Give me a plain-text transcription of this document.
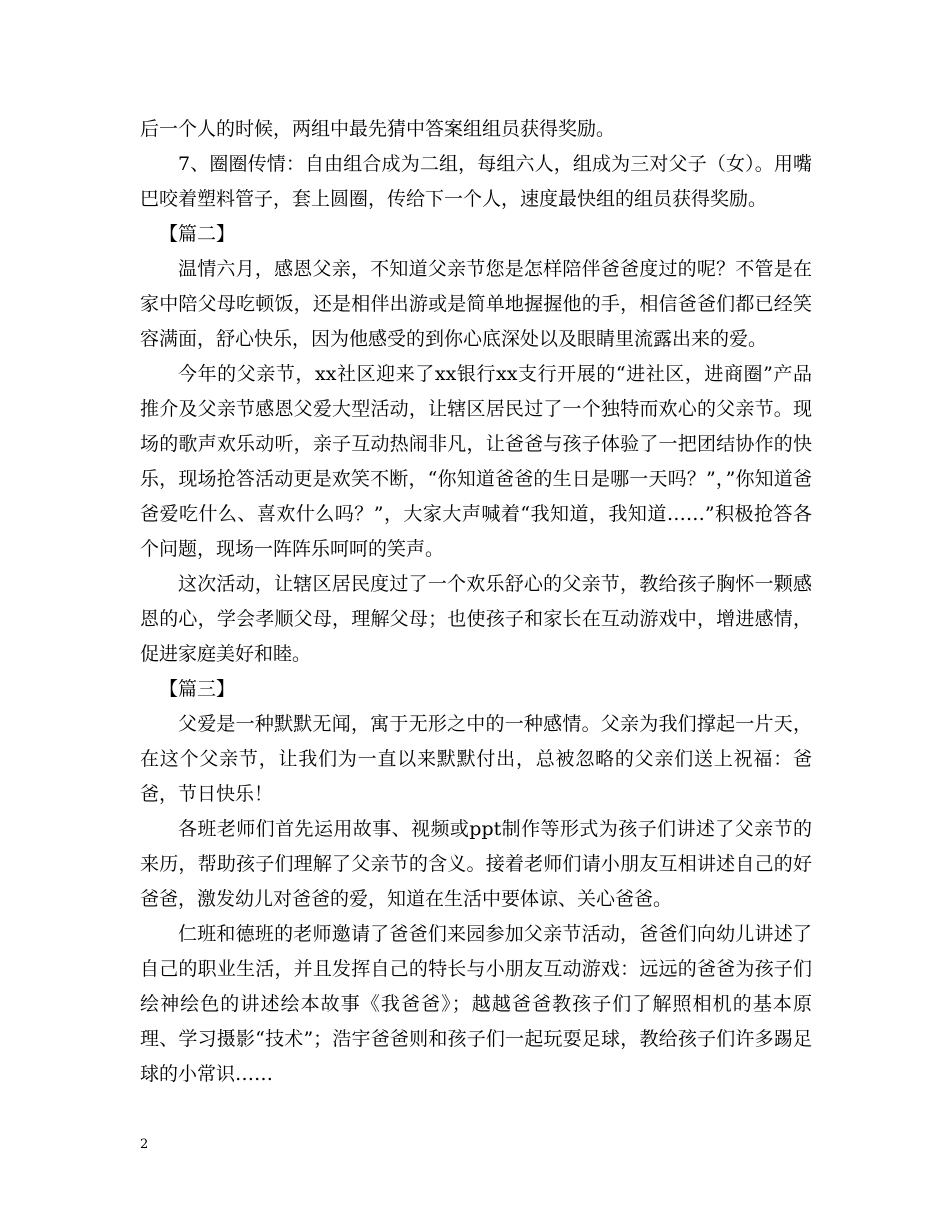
后一个人的时候，两组中最先猜中答案组组员获得奖励。

7、圈圈传情：自由组合成为二组，每组六人，组成为三对父子（女）。用嘴巴咬着塑料管子，套上圆圈，传给下一个人，速度最快组的组员获得奖励。

【篇二】

温情六月，感恩父亲，不知道父亲节您是怎样陪伴爸爸度过的呢？不管是在家中陪父母吃顿饭，还是相伴出游或是简单地握握他的手，相信爸爸们都已经笑容满面，舒心快乐，因为他感受的到你心底深处以及眼睛里流露出来的爱。

今年的父亲节，xx社区迎来了xx银行xx支行开展的“进社区，进商圈”产品推介及父亲节感恩父爱大型活动，让辖区居民过了一个独特而欢心的父亲节。现场的歌声欢乐动听，亲子互动热闹非凡，让爸爸与孩子体验了一把团结协作的快乐，现场抢答活动更是欢笑不断，“你知道爸爸的生日是哪一天吗？”，”你知道爸爸爱吃什么、喜欢什么吗？”，大家大声喊着“我知道，我知道……”积极抢答各个问题，现场一阵阵乐呵呵的笑声。

这次活动，让辖区居民度过了一个欢乐舒心的父亲节，教给孩子胸怀一颗感恩的心，学会孝顺父母，理解父母；也使孩子和家长在互动游戏中，增进感情，促进家庭美好和睦。

【篇三】

父爱是一种默默无闻，寓于无形之中的一种感情。父亲为我们撑起一片天，在这个父亲节，让我们为一直以来默默付出，总被忽略的父亲们送上祝福：爸爸，节日快乐！

各班老师们首先运用故事、视频或ppt制作等形式为孩子们讲述了父亲节的来历，帮助孩子们理解了父亲节的含义。接着老师们请小朋友互相讲述自己的好爸爸，激发幼儿对爸爸的爱，知道在生活中要体谅、关心爸爸。

仁班和德班的老师邀请了爸爸们来园参加父亲节活动，爸爸们向幼儿讲述了自己的职业生活，并且发挥自己的特长与小朋友互动游戏：远远的爸爸为孩子们绘神绘色的讲述绘本故事《我爸爸》；越越爸爸教孩子们了解照相机的基本原理、学习摄影“技术”；浩宇爸爸则和孩子们一起玩耍足球，教给孩子们许多踢足球的小常识……

2
